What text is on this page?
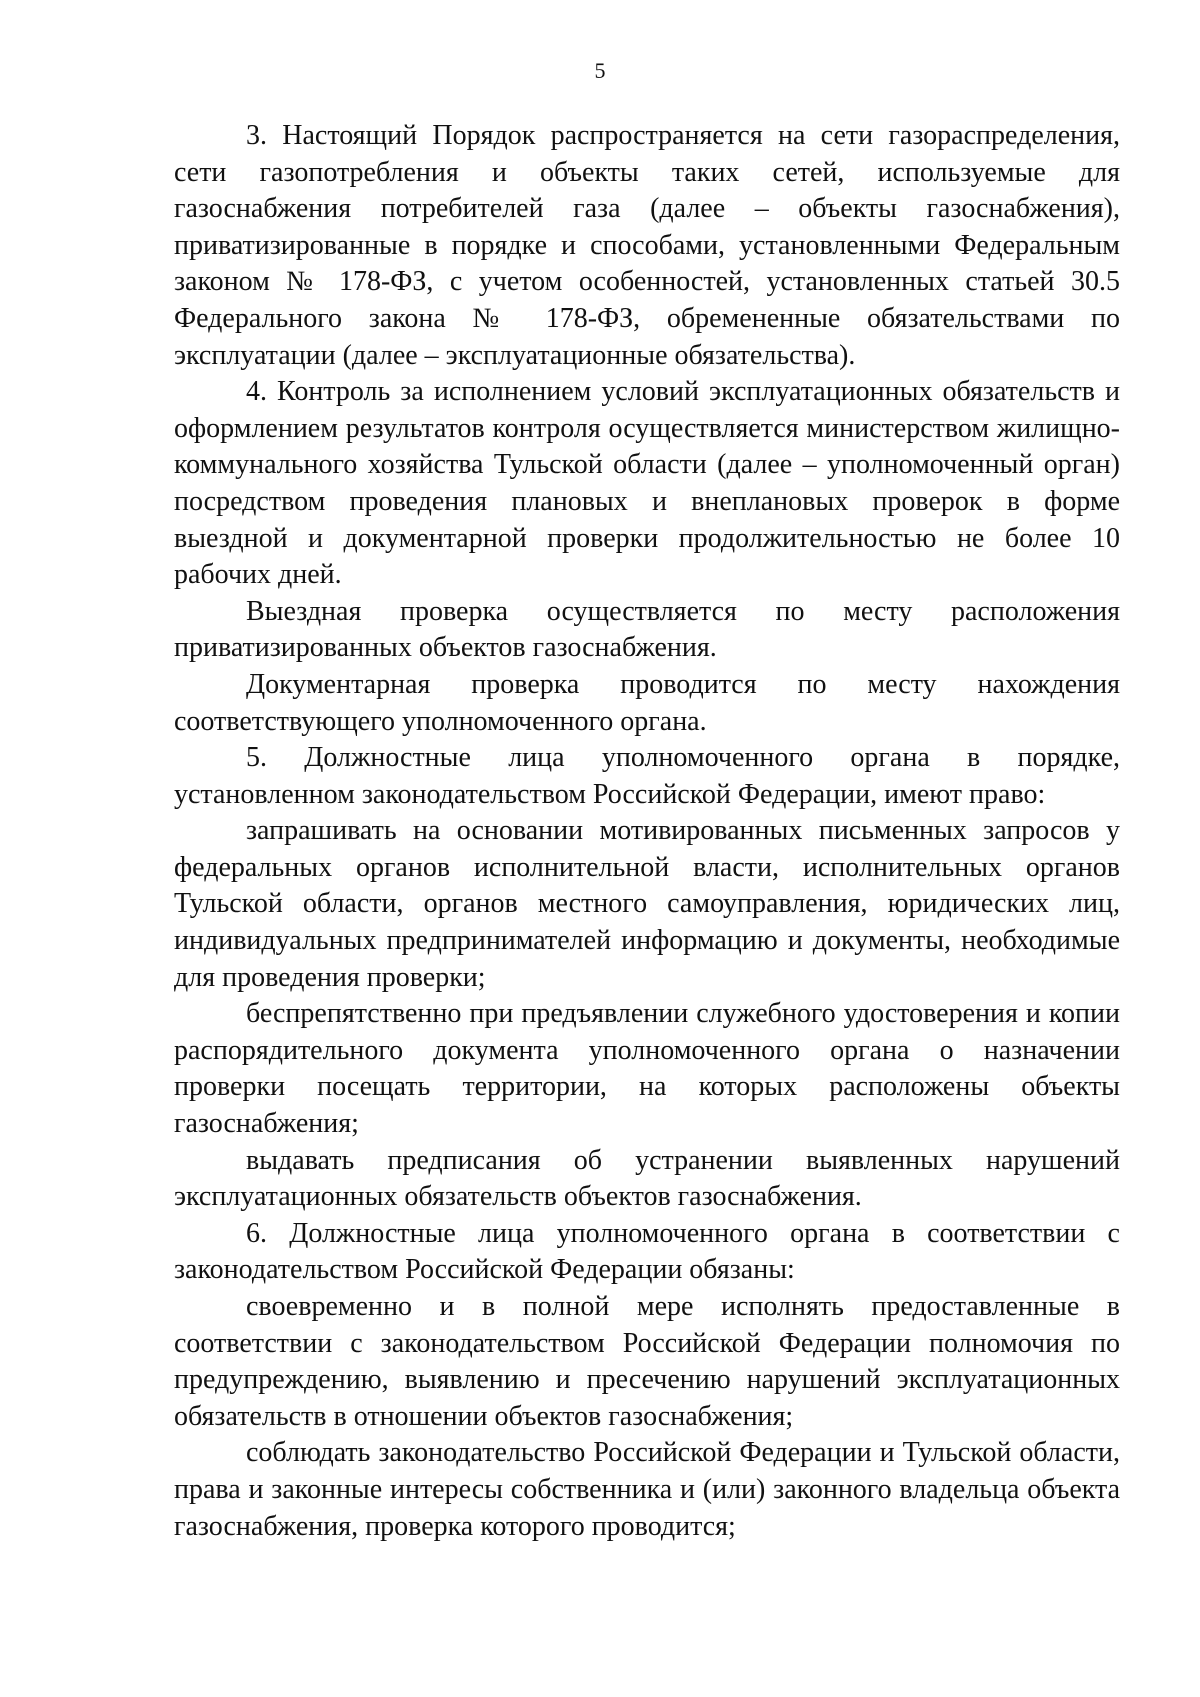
5

3. Настоящий Порядок распространяется на сети газораспределения, сети газопотребления и объекты таких сетей, используемые для газоснабжения потребителей газа (далее – объекты газоснабжения), приватизированные в порядке и способами, установленными Федеральным законом № 178-ФЗ, с учетом особенностей, установленных статьей 30.5 Федерального закона № 178-ФЗ, обремененные обязательствами по эксплуатации (далее – эксплуатационные обязательства).

4. Контроль за исполнением условий эксплуатационных обязательств и оформлением результатов контроля осуществляется министерством жилищно-коммунального хозяйства Тульской области (далее – уполномоченный орган) посредством проведения плановых и внеплановых проверок в форме выездной и документарной проверки продолжительностью не более 10 рабочих дней.

Выездная проверка осуществляется по месту расположения приватизированных объектов газоснабжения.

Документарная проверка проводится по месту нахождения соответствующего уполномоченного органа.

5. Должностные лица уполномоченного органа в порядке, установленном законодательством Российской Федерации, имеют право:

запрашивать на основании мотивированных письменных запросов у федеральных органов исполнительной власти, исполнительных органов Тульской области, органов местного самоуправления, юридических лиц, индивидуальных предпринимателей информацию и документы, необходимые для проведения проверки;

беспрепятственно при предъявлении служебного удостоверения и копии распорядительного документа уполномоченного органа о назначении проверки посещать территории, на которых расположены объекты газоснабжения;

выдавать предписания об устранении выявленных нарушений эксплуатационных обязательств объектов газоснабжения.

6. Должностные лица уполномоченного органа в соответствии с законодательством Российской Федерации обязаны:

своевременно и в полной мере исполнять предоставленные в соответствии с законодательством Российской Федерации полномочия по предупреждению, выявлению и пресечению нарушений эксплуатационных обязательств в отношении объектов газоснабжения;

соблюдать законодательство Российской Федерации и Тульской области, права и законные интересы собственника и (или) законного владельца объекта газоснабжения, проверка которого проводится;
